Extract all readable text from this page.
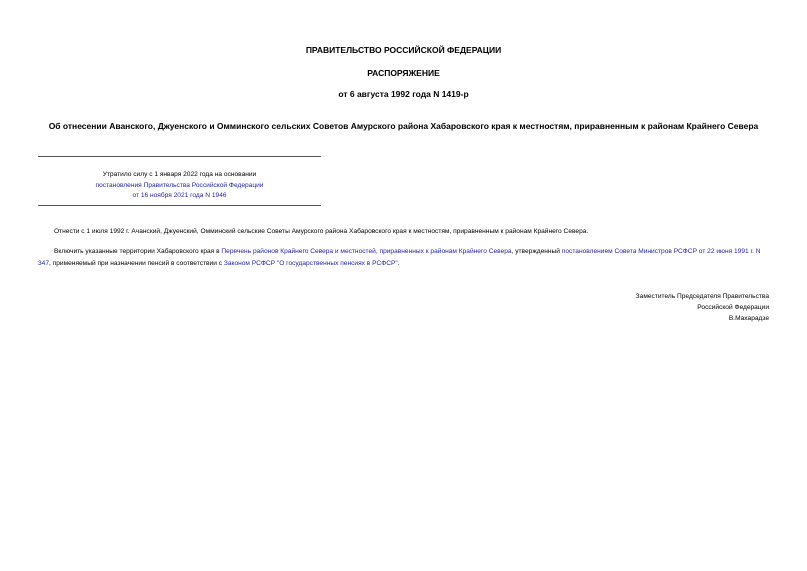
ПРАВИТЕЛЬСТВО РОССИЙСКОЙ ФЕДЕРАЦИИ
РАСПОРЯЖЕНИЕ
от 6 августа 1992 года N 1419-р
Об отнесении Аванского, Джуенского и Омминского сельских Советов Амурского района Хабаровского края к местностям, приравненным к районам Крайнего Севера
Утратило силу с 1 января 2022 года на основании
постановления Правительства Российской Федерации
от 16 ноября 2021 года N 1946

Отнести с 1 июля 1992 г. Ачанский, Джуенский, Омминский сельские Советы Амурского района Хабаровского края к местностям, приравненным к районам Крайнего Севера.

Включить указанные территории Хабаровского края в Перечень районов Крайнего Севера и местностей, приравненных к районам Крайнего Севера, утвержденный постановлением Совета Министров РСФСР от 22 июня 1991 г. N 347, применяемый при назначении пенсий в соответствии с Законом РСФСР "О государственных пенсиях в РСФСР".

Заместитель Председателя Правительства
Российской Федерации
В.Махарадзе
